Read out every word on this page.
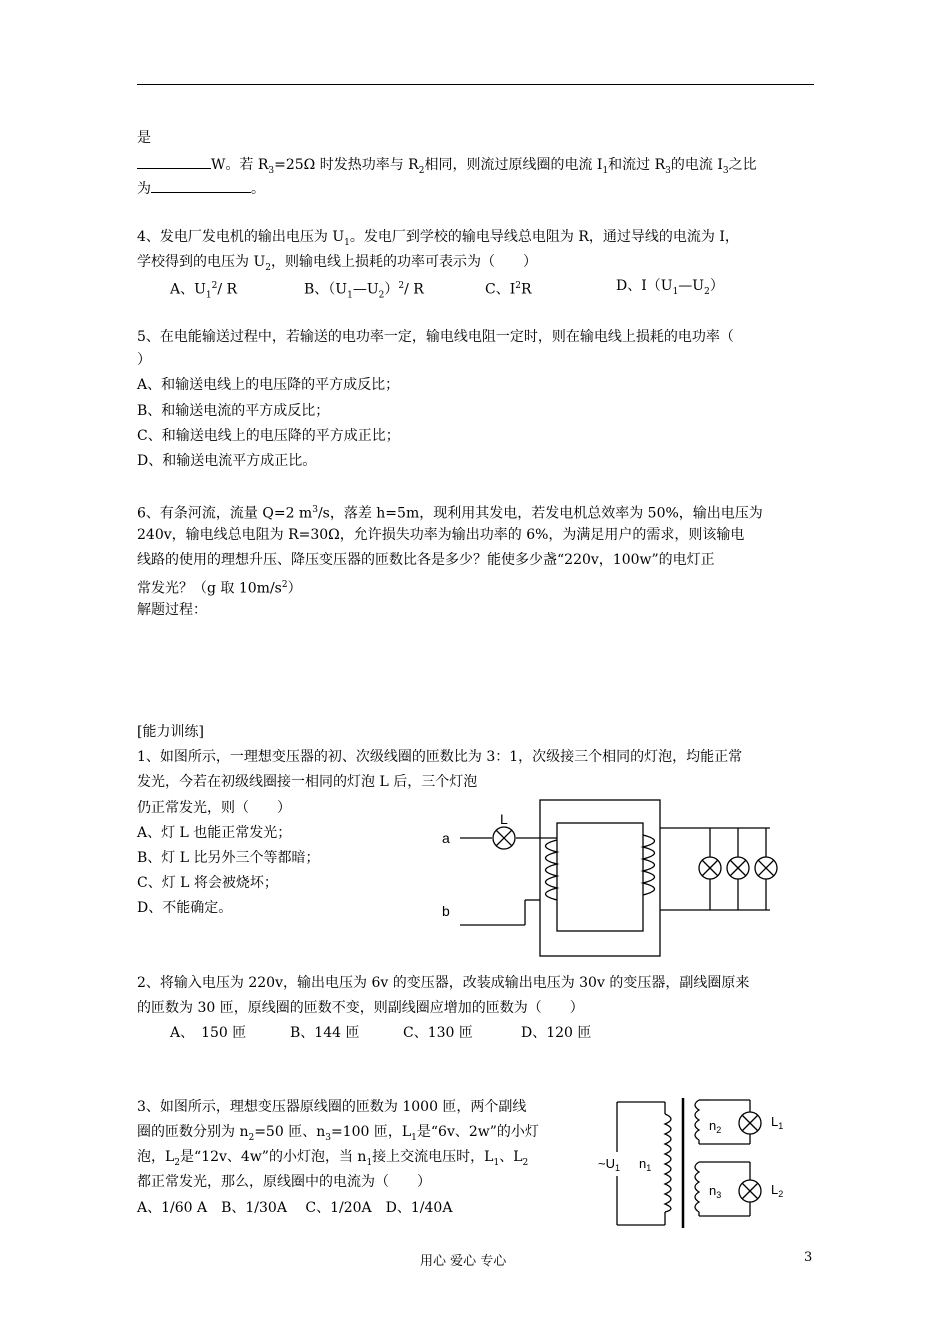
是
W。若 $R_3=25\Omega$ 时发热功率与 $R_2$相同，则流过原线圈的电流 $I_1$和流过 $R_3$的电流 $I_3$之比
为	。
4、发电厂发电机的输出电压为 $U_1$。发电厂到学校的输电导线总电阻为 R，通过导线的电流为 I，
学校得到的电压为 $U_2$，则输电线上损耗的功率可表示为（　　）
A、$U_1^2/$ R	B、$(U_1—U_2)^2/$ R	C、$I^2R$	D、$I(U_1—U_2)$
5、在电能输送过程中，若输送的电功率一定，输电线电阻一定时，则在输电线上损耗的电功率（
）
A、和输送电线上的电压降的平方成反比；
B、和输送电流的平方成反比；
C、和输送电线上的电压降的平方成正比；
D、和输送电流平方成正比。
6、有条河流，流量 Q=2 $m^3/s$，落差 h=5m，现利用其发电，若发电机总效率为 50%，输出电压为
240v，输电线总电阻为 R=30Ω，允许损失功率为输出功率的 6%，为满足用户的需求，则该输电
线路的使用的理想升压、降压变压器的匝数比各是多少？能使多少盏“220v，100w”的电灯正
常发光？（g 取 $10m/s^2$）
解题过程：
[能力训练]
1、如图所示，一理想变压器的初、次级线圈的匝数比为 3：1，次级接三个相同的灯泡，均能正常
发光，今若在初级线圈接一相同的灯泡 L 后，三个灯泡
仍正常发光，则（　　）
A、灯 L 也能正常发光；
B、灯 L 比另外三个等都暗；
C、灯 L 将会被烧坏；
D、不能确定。
L
a
b
2、将输入电压为 220v，输出电压为 6v 的变压器，改装成输出电压为 30v 的变压器，副线圈原来
的匝数为 30 匝，原线圈的匝数不变，则副线圈应增加的匝数为（　　）
A、　150 匝	B、144 匝	C、130 匝	D、120 匝
3、如图所示，理想变压器原线圈的匝数为 1000 匝，两个副线
圈的匝数分别为 $n_2=50$ 匝、$n_3=100$ 匝，$L_1$是“6v、2w”的小灯
泡，$L_2$是“12v、4w”的小灯泡，当 $n_1$接上交流电压时，$L_1$、$L_2$
都正常发光，那么，原线圈中的电流为（　　）
A、1/60 A　B、1/30A　 C、1/20A　D、1/40A
$\sim U_1$ $n_1$
$n_2$
$n_3$
$L_1$
$L_2$
用心 爱心 专心	3
